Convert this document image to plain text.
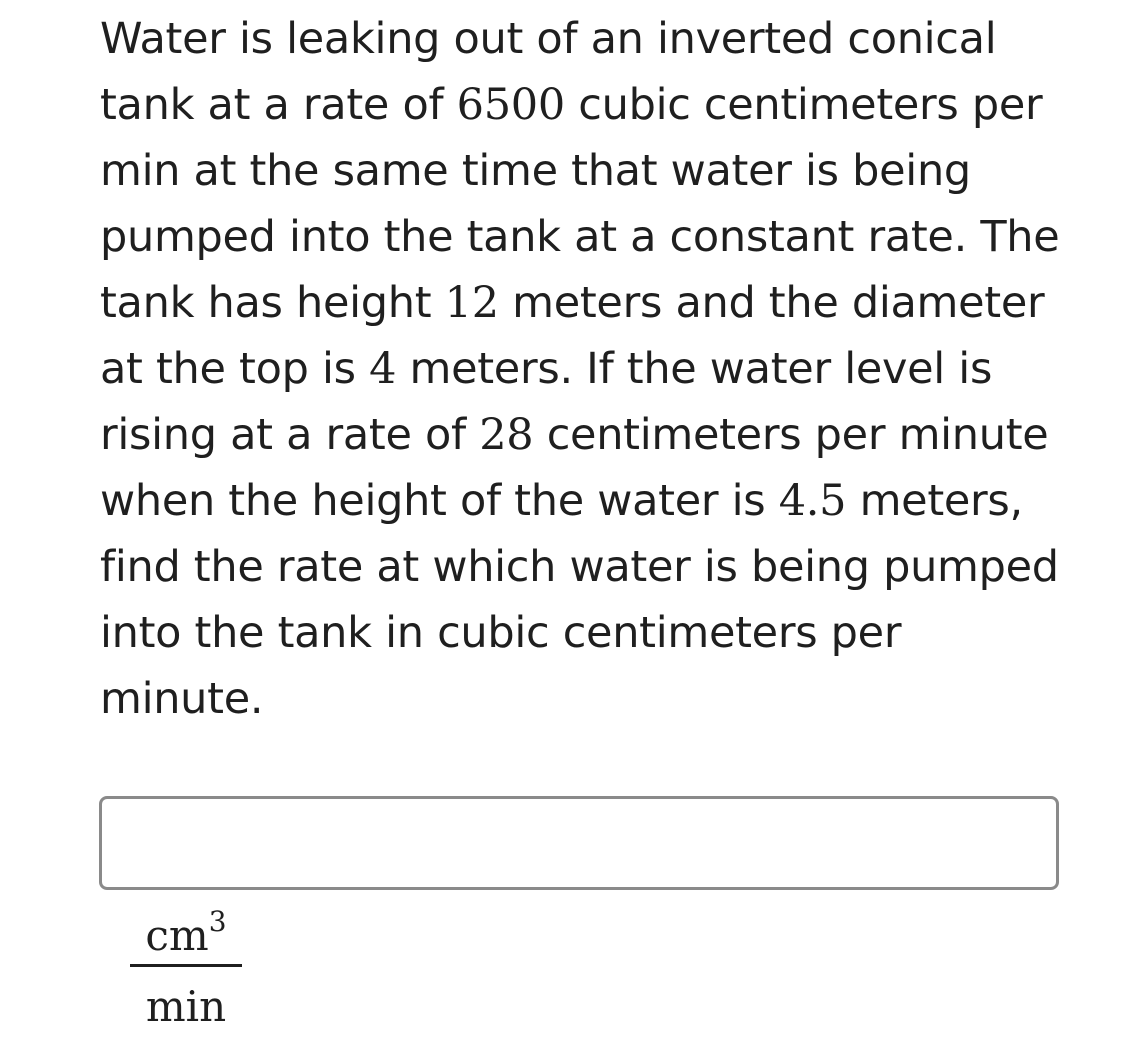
Water is leaking out of an inverted conical tank at a rate of 6500 cubic centimeters per min at the same time that water is being pumped into the tank at a constant rate. The tank has height 12 meters and the diameter at the top is 4 meters. If the water level is rising at a rate of 28 centimeters per minute when the height of the water is 4.5 meters, find the rate at which water is being pumped into the tank in cubic centimeters per minute.
$cm^3$
min
